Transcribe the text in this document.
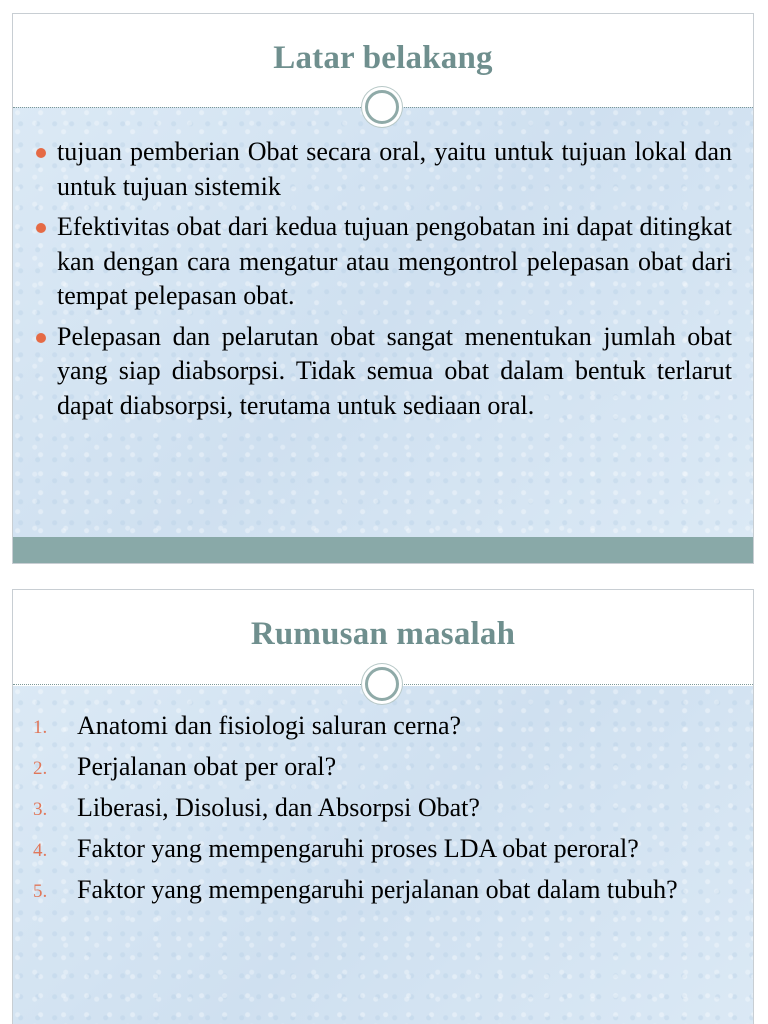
Latar belakang
tujuan pemberian Obat secara oral, yaitu untuk tujuan lokal dan untuk tujuan sistemik
Efektivitas obat dari kedua tujuan pengobatan ini dapat ditingkat kan dengan cara mengatur atau mengontrol pelepasan obat dari tempat pelepasan obat.
Pelepasan dan pelarutan obat sangat menentukan jumlah obat yang siap diabsorpsi. Tidak semua obat dalam bentuk terlarut dapat diabsorpsi, terutama untuk sediaan oral.
Rumusan masalah
1. Anatomi dan fisiologi saluran cerna?
2. Perjalanan obat per oral?
3. Liberasi, Disolusi, dan Absorpsi Obat?
4. Faktor yang mempengaruhi proses LDA obat peroral?
5. Faktor yang mempengaruhi perjalanan obat dalam tubuh?
